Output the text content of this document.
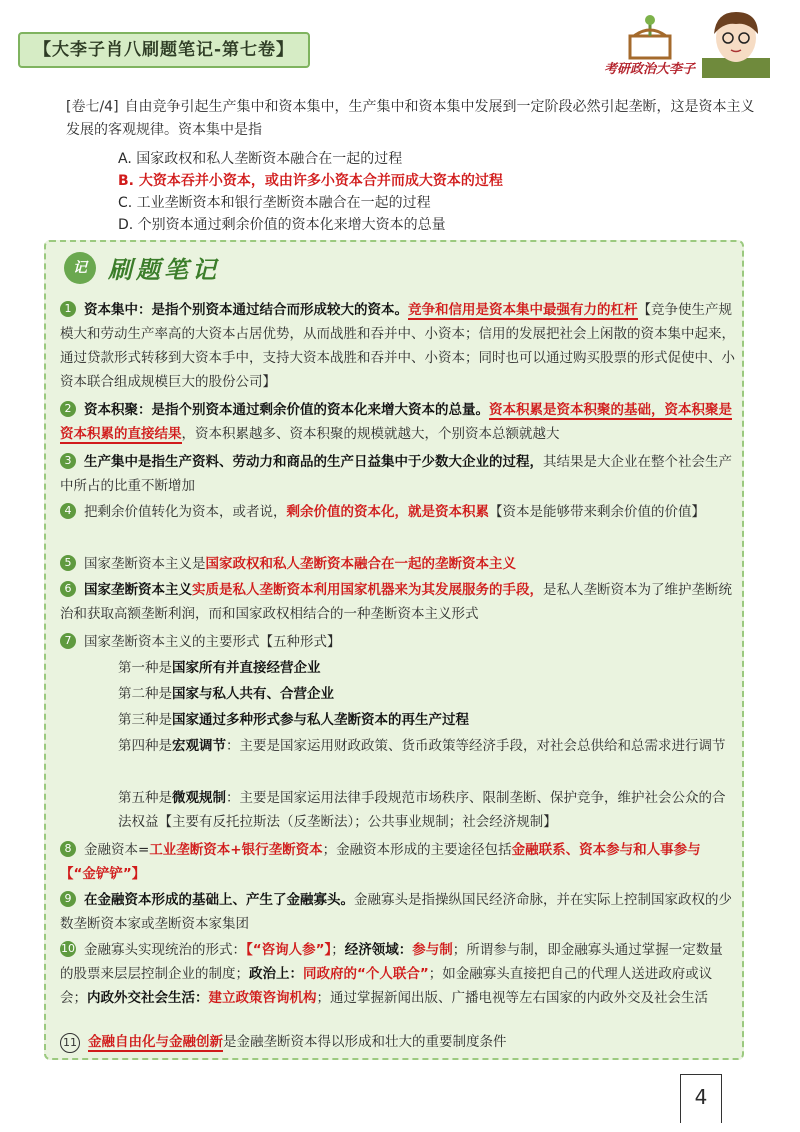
【大李子肖八刷题笔记-第七卷】
考研政治大李子
[卷七/4] 自由竞争引起生产集中和资本集中，生产集中和资本集中发展到一定阶段必然引起垄断，这是资本主义发展的客观规律。资本集中是指
A. 国家政权和私人垄断资本融合在一起的过程
B. 大资本吞并小资本，或由许多小资本合并而成大资本的过程
C. 工业垄断资本和银行垄断资本融合在一起的过程
D. 个别资本通过剩余价值的资本化来增大资本的总量
记 刷题笔记
1 资本集中：是指个别资本通过结合而形成较大的资本。竞争和信用是资本集中最强有力的杠杆【竞争使生产规模大和劳动生产率高的大资本占居优势，从而战胜和吞并中、小资本；信用的发展把社会上闲散的资本集中起来，通过贷款形式转移到大资本手中，支持大资本战胜和吞并中、小资本；同时也可以通过购买股票的形式促使中、小资本联合组成规模巨大的股份公司】
2 资本积聚：是指个别资本通过剩余价值的资本化来增大资本的总量。资本积累是资本积聚的基础，资本积聚是资本积累的直接结果，资本积累越多、资本积聚的规模就越大，个别资本总额就越大
3 生产集中是指生产资料、劳动力和商品的生产日益集中于少数大企业的过程，其结果是大企业在整个社会生产中所占的比重不断增加
4 把剩余价值转化为资本，或者说，剩余价值的资本化，就是资本积累【资本是能够带来剩余价值的价值】
5 国家垄断资本主义是国家政权和私人垄断资本融合在一起的垄断资本主义
6 国家垄断资本主义实质是私人垄断资本利用国家机器来为其发展服务的手段，是私人垄断资本为了维护垄断统治和获取高额垄断利润，而和国家政权相结合的一种垄断资本主义形式
7 国家垄断资本主义的主要形式【五种形式】
第一种是国家所有并直接经营企业
第二种是国家与私人共有、合营企业
第三种是国家通过多种形式参与私人垄断资本的再生产过程
第四种是宏观调节：主要是国家运用财政政策、货币政策等经济手段，对社会总供给和总需求进行调节
第五种是微观规制：主要是国家运用法律手段规范市场秩序、限制垄断、保护竞争，维护社会公众的合法权益【主要有反托拉斯法（反垄断法）；公共事业规制；社会经济规制】
8 金融资本=工业垄断资本+银行垄断资本；金融资本形成的主要途径包括金融联系、资本参与和人事参与【“金铲铲”】
9 在金融资本形成的基础上、产生了金融寡头。金融寡头是指操纵国民经济命脉，并在实际上控制国家政权的少数垄断资本家或垄断资本家集团
10 金融寡头实现统治的形式：【“咨询人参”】；经济领域：参与制；所谓参与制，即金融寡头通过掌握一定数量的股票来层层控制企业的制度；政治上：同政府的“个人联合”；如金融寡头直接把自己的代理人送进政府或议会；内政外交社会生活：建立政策咨询机构；通过掌握新闻出版、广播电视等左右国家的内政外交及社会生活
11 金融自由化与金融创新是金融垄断资本得以形成和壮大的重要制度条件
4
